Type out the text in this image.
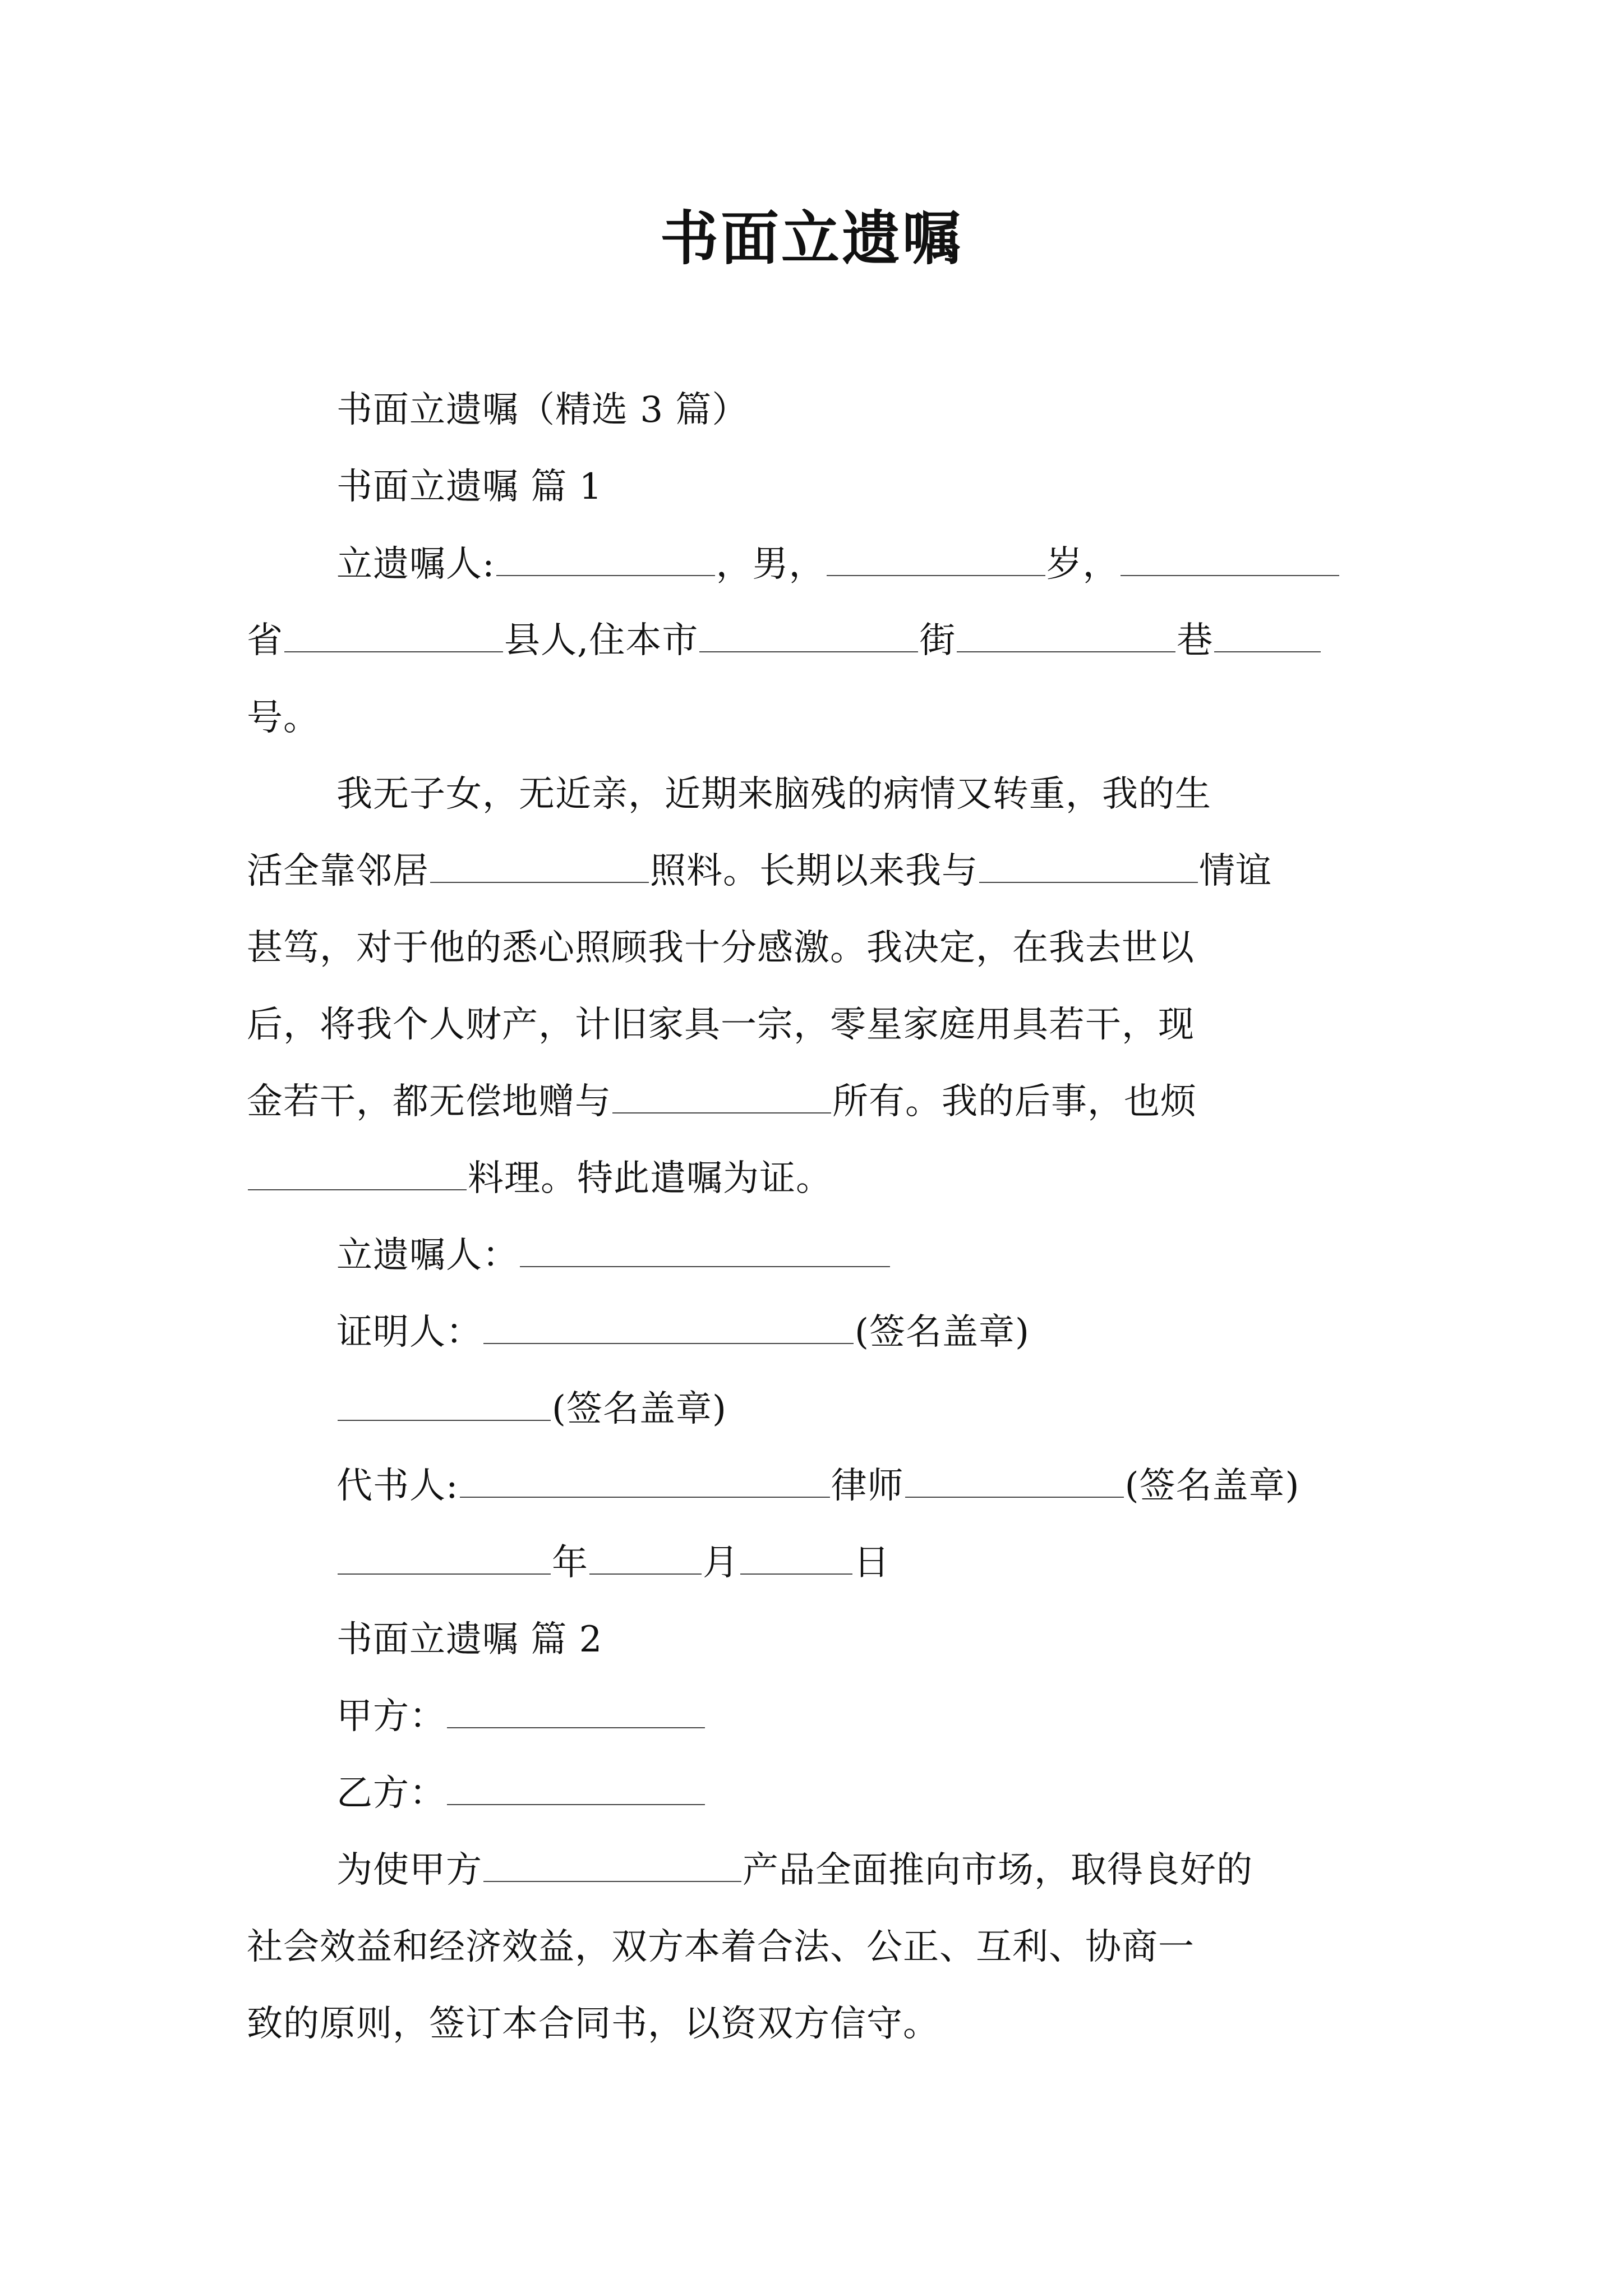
书面立遗嘱
书面立遗嘱（精选 3 篇）
书面立遗嘱 篇 1
立遗嘱人:	，男，	岁，
省	县人,住本市	街	巷
号。
我无子女，无近亲，近期来脑残的病情又转重，我的生
活全靠邻居	照料。长期以来我与	情谊
甚笃，对于他的悉心照顾我十分感激。我决定，在我去世以
后，将我个人财产，计旧家具一宗，零星家庭用具若干，现
金若干，都无偿地赠与	所有。我的后事，也烦
料理。特此遣嘱为证。
立遗嘱人：
证明人：	(签名盖章)
(签名盖章)
代书人:	律师	(签名盖章)
年	月	日
书面立遗嘱 篇 2
甲方：
乙方：
为使甲方	产品全面推向市场，取得良好的
社会效益和经济效益，双方本着合法、公正、互利、协商一
致的原则，签订本合同书，以资双方信守。
